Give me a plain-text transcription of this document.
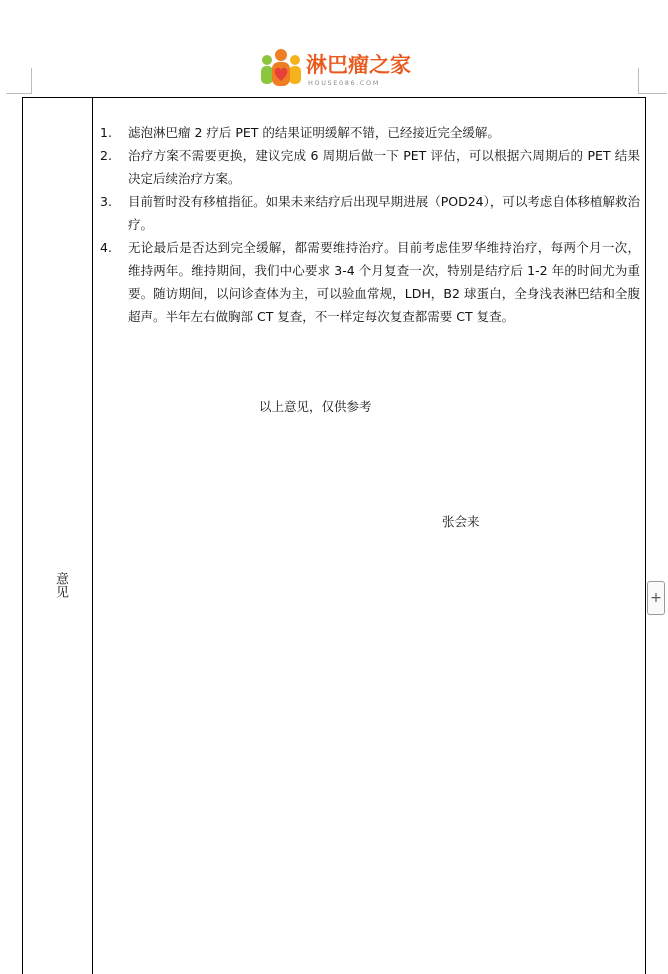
淋巴瘤之家
HOUSE086.COM
意见
1. 滤泡淋巴瘤 2 疗后 PET 的结果证明缓解不错，已经接近完全缓解。
2. 治疗方案不需要更换，建议完成 6 周期后做一下 PET 评估，可以根据六周期后的 PET 结果决定后续治疗方案。
3. 目前暂时没有移植指征。如果未来结疗后出现早期进展（POD24），可以考虑自体移植解救治疗。
4. 无论最后是否达到完全缓解，都需要维持治疗。目前考虑佳罗华维持治疗，每两个月一次，维持两年。维持期间，我们中心要求 3-4 个月复查一次，特别是结疗后 1-2 年的时间尤为重要。随访期间，以问诊查体为主，可以验血常规，LDH，B2 球蛋白，全身浅表淋巴结和全腹超声。半年左右做胸部 CT 复查，不一样定每次复查都需要 CT 复查。
以上意见，仅供参考
张会来
+
